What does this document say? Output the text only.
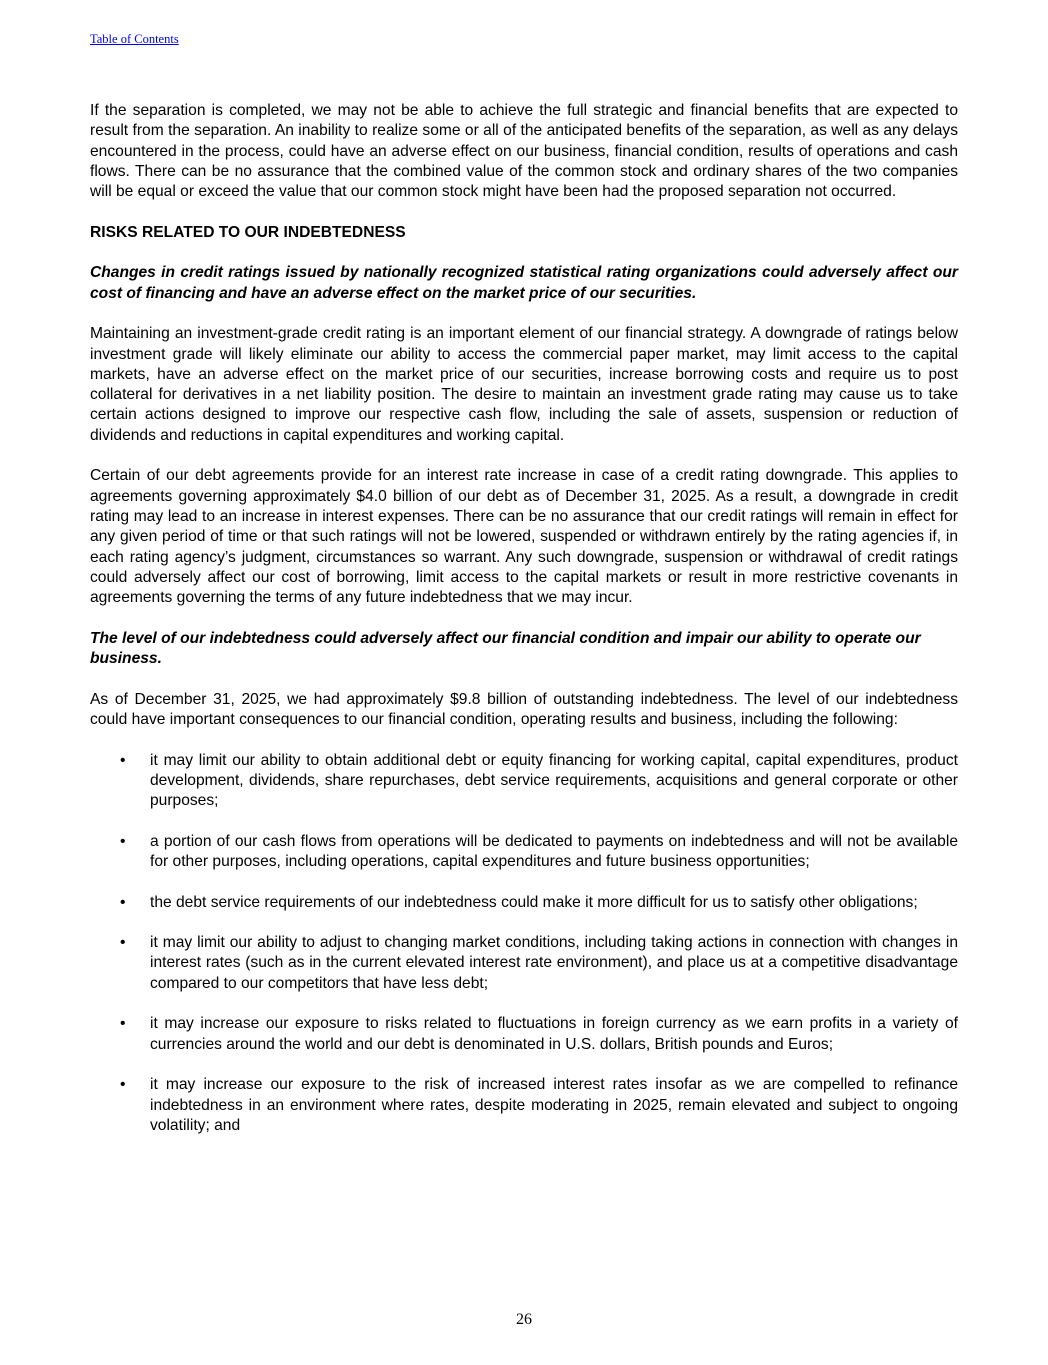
Table of Contents

If the separation is completed, we may not be able to achieve the full strategic and financial benefits that are expected to result from the separation. An inability to realize some or all of the anticipated benefits of the separation, as well as any delays encountered in the process, could have an adverse effect on our business, financial condition, results of operations and cash flows. There can be no assurance that the combined value of the common stock and ordinary shares of the two companies will be equal or exceed the value that our common stock might have been had the proposed separation not occurred.

RISKS RELATED TO OUR INDEBTEDNESS

Changes in credit ratings issued by nationally recognized statistical rating organizations could adversely affect our cost of financing and have an adverse effect on the market price of our securities.

Maintaining an investment-grade credit rating is an important element of our financial strategy. A downgrade of ratings below investment grade will likely eliminate our ability to access the commercial paper market, may limit access to the capital markets, have an adverse effect on the market price of our securities, increase borrowing costs and require us to post collateral for derivatives in a net liability position. The desire to maintain an investment grade rating may cause us to take certain actions designed to improve our respective cash flow, including the sale of assets, suspension or reduction of dividends and reductions in capital expenditures and working capital.

Certain of our debt agreements provide for an interest rate increase in case of a credit rating downgrade. This applies to agreements governing approximately $4.0 billion of our debt as of December 31, 2025. As a result, a downgrade in credit rating may lead to an increase in interest expenses. There can be no assurance that our credit ratings will remain in effect for any given period of time or that such ratings will not be lowered, suspended or withdrawn entirely by the rating agencies if, in each rating agency’s judgment, circumstances so warrant. Any such downgrade, suspension or withdrawal of credit ratings could adversely affect our cost of borrowing, limit access to the capital markets or result in more restrictive covenants in agreements governing the terms of any future indebtedness that we may incur.

The level of our indebtedness could adversely affect our financial condition and impair our ability to operate our business.

As of December 31, 2025, we had approximately $9.8 billion of outstanding indebtedness. The level of our indebtedness could have important consequences to our financial condition, operating results and business, including the following:

• it may limit our ability to obtain additional debt or equity financing for working capital, capital expenditures, product development, dividends, share repurchases, debt service requirements, acquisitions and general corporate or other purposes;
• a portion of our cash flows from operations will be dedicated to payments on indebtedness and will not be available for other purposes, including operations, capital expenditures and future business opportunities;
• the debt service requirements of our indebtedness could make it more difficult for us to satisfy other obligations;
• it may limit our ability to adjust to changing market conditions, including taking actions in connection with changes in interest rates (such as in the current elevated interest rate environment), and place us at a competitive disadvantage compared to our competitors that have less debt;
• it may increase our exposure to risks related to fluctuations in foreign currency as we earn profits in a variety of currencies around the world and our debt is denominated in U.S. dollars, British pounds and Euros;
• it may increase our exposure to the risk of increased interest rates insofar as we are compelled to refinance indebtedness in an environment where rates, despite moderating in 2025, remain elevated and subject to ongoing volatility; and
26
